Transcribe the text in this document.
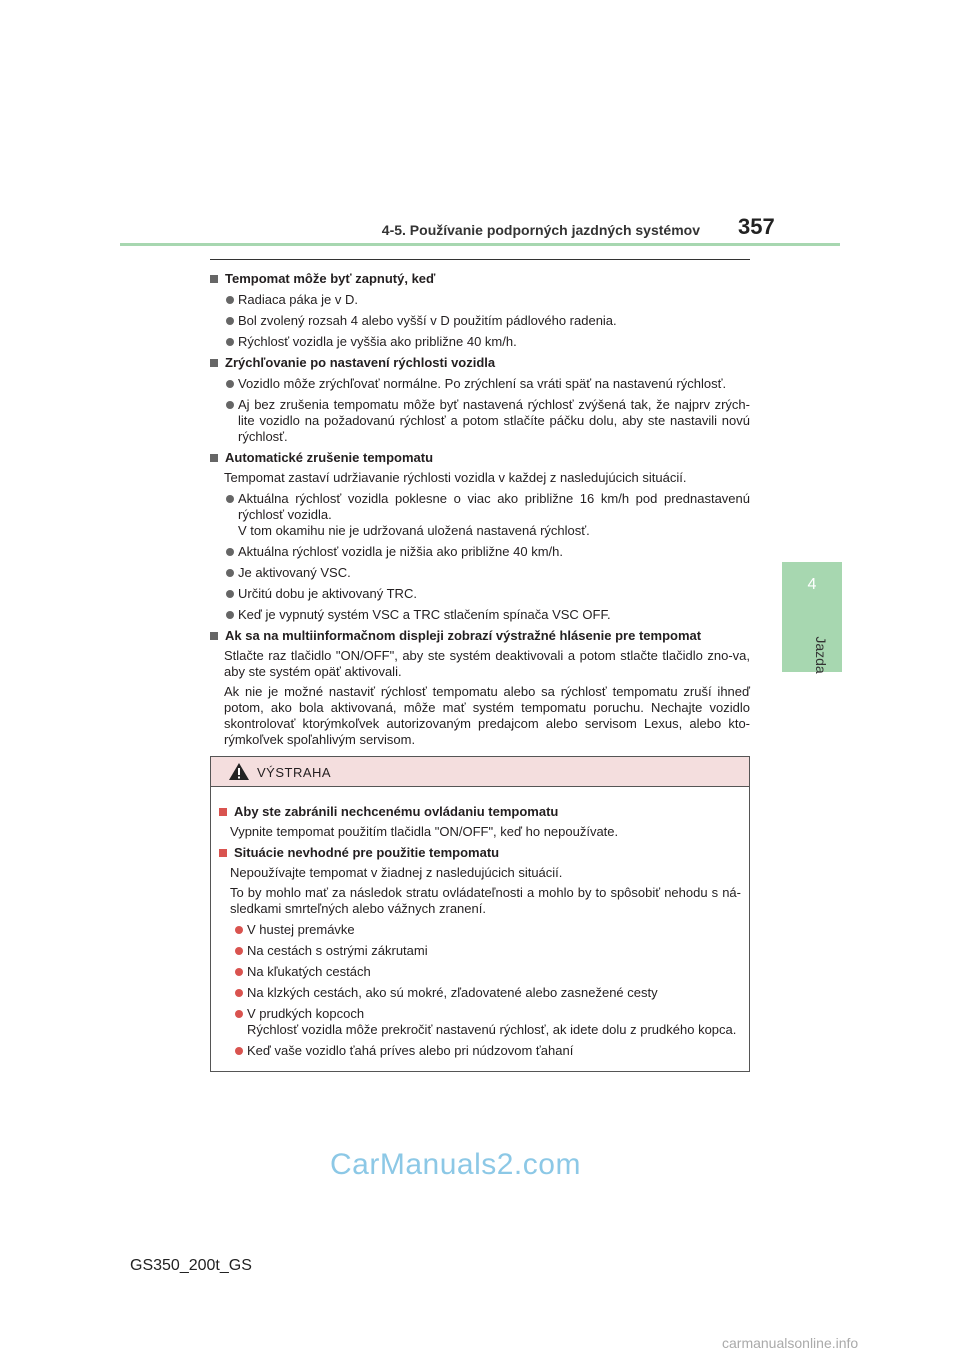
4-5. Používanie podporných jazdných systémov 357
4
Jazda
Tempomat môže byť zapnutý, keď
Radiaca páka je v D.
Bol zvolený rozsah 4 alebo vyšší v D použitím pádlového radenia.
Rýchlosť vozidla je vyššia ako približne 40 km/h.
Zrýchľovanie po nastavení rýchlosti vozidla
Vozidlo môže zrýchľovať normálne. Po zrýchlení sa vráti späť na nastavenú rýchlosť.
Aj bez zrušenia tempomatu môže byť nastavená rýchlosť zvýšená tak, že najprv zrých-lite vozidlo na požadovanú rýchlosť a potom stlačíte páčku dolu, aby ste nastavili novú rýchlosť.
Automatické zrušenie tempomatu
Tempomat zastaví udržiavanie rýchlosti vozidla v každej z nasledujúcich situácií.
Aktuálna rýchlosť vozidla poklesne o viac ako približne 16 km/h pod prednastavenú rýchlosť vozidla.
V tom okamihu nie je udržovaná uložená nastavená rýchlosť.
Aktuálna rýchlosť vozidla je nižšia ako približne 40 km/h.
Je aktivovaný VSC.
Určitú dobu je aktivovaný TRC.
Keď je vypnutý systém VSC a TRC stlačením spínača VSC OFF.
Ak sa na multiinformačnom displeji zobrazí výstražné hlásenie pre tempomat
Stlačte raz tlačidlo "ON/OFF", aby ste systém deaktivovali a potom stlačte tlačidlo zno-va, aby ste systém opäť aktivovali.
Ak nie je možné nastaviť rýchlosť tempomatu alebo sa rýchlosť tempomatu zruší ihneď potom, ako bola aktivovaná, môže mať systém tempomatu poruchu. Nechajte vozidlo skontrolovať ktorýmkoľvek autorizovaným predajcom alebo servisom Lexus, alebo kto-rýmkoľvek spoľahlivým servisom.
VÝSTRAHA
Aby ste zabránili nechcenému ovládaniu tempomatu
Vypnite tempomat použitím tlačidla "ON/OFF", keď ho nepoužívate.
Situácie nevhodné pre použitie tempomatu
Nepoužívajte tempomat v žiadnej z nasledujúcich situácií.
To by mohlo mať za následok stratu ovládateľnosti a mohlo by to spôsobiť nehodu s ná-sledkami smrteľných alebo vážnych zranení.
V hustej premávke
Na cestách s ostrými zákrutami
Na kľukatých cestách
Na klzkých cestách, ako sú mokré, zľadovatené alebo zasnežené cesty
V prudkých kopcoch
Rýchlosť vozidla môže prekročiť nastavenú rýchlosť, ak idete dolu z prudkého kopca.
Keď vaše vozidlo ťahá príves alebo pri núdzovom ťahaní
CarManuals2.com
GS350_200t_GS
carmanualsonline.info
